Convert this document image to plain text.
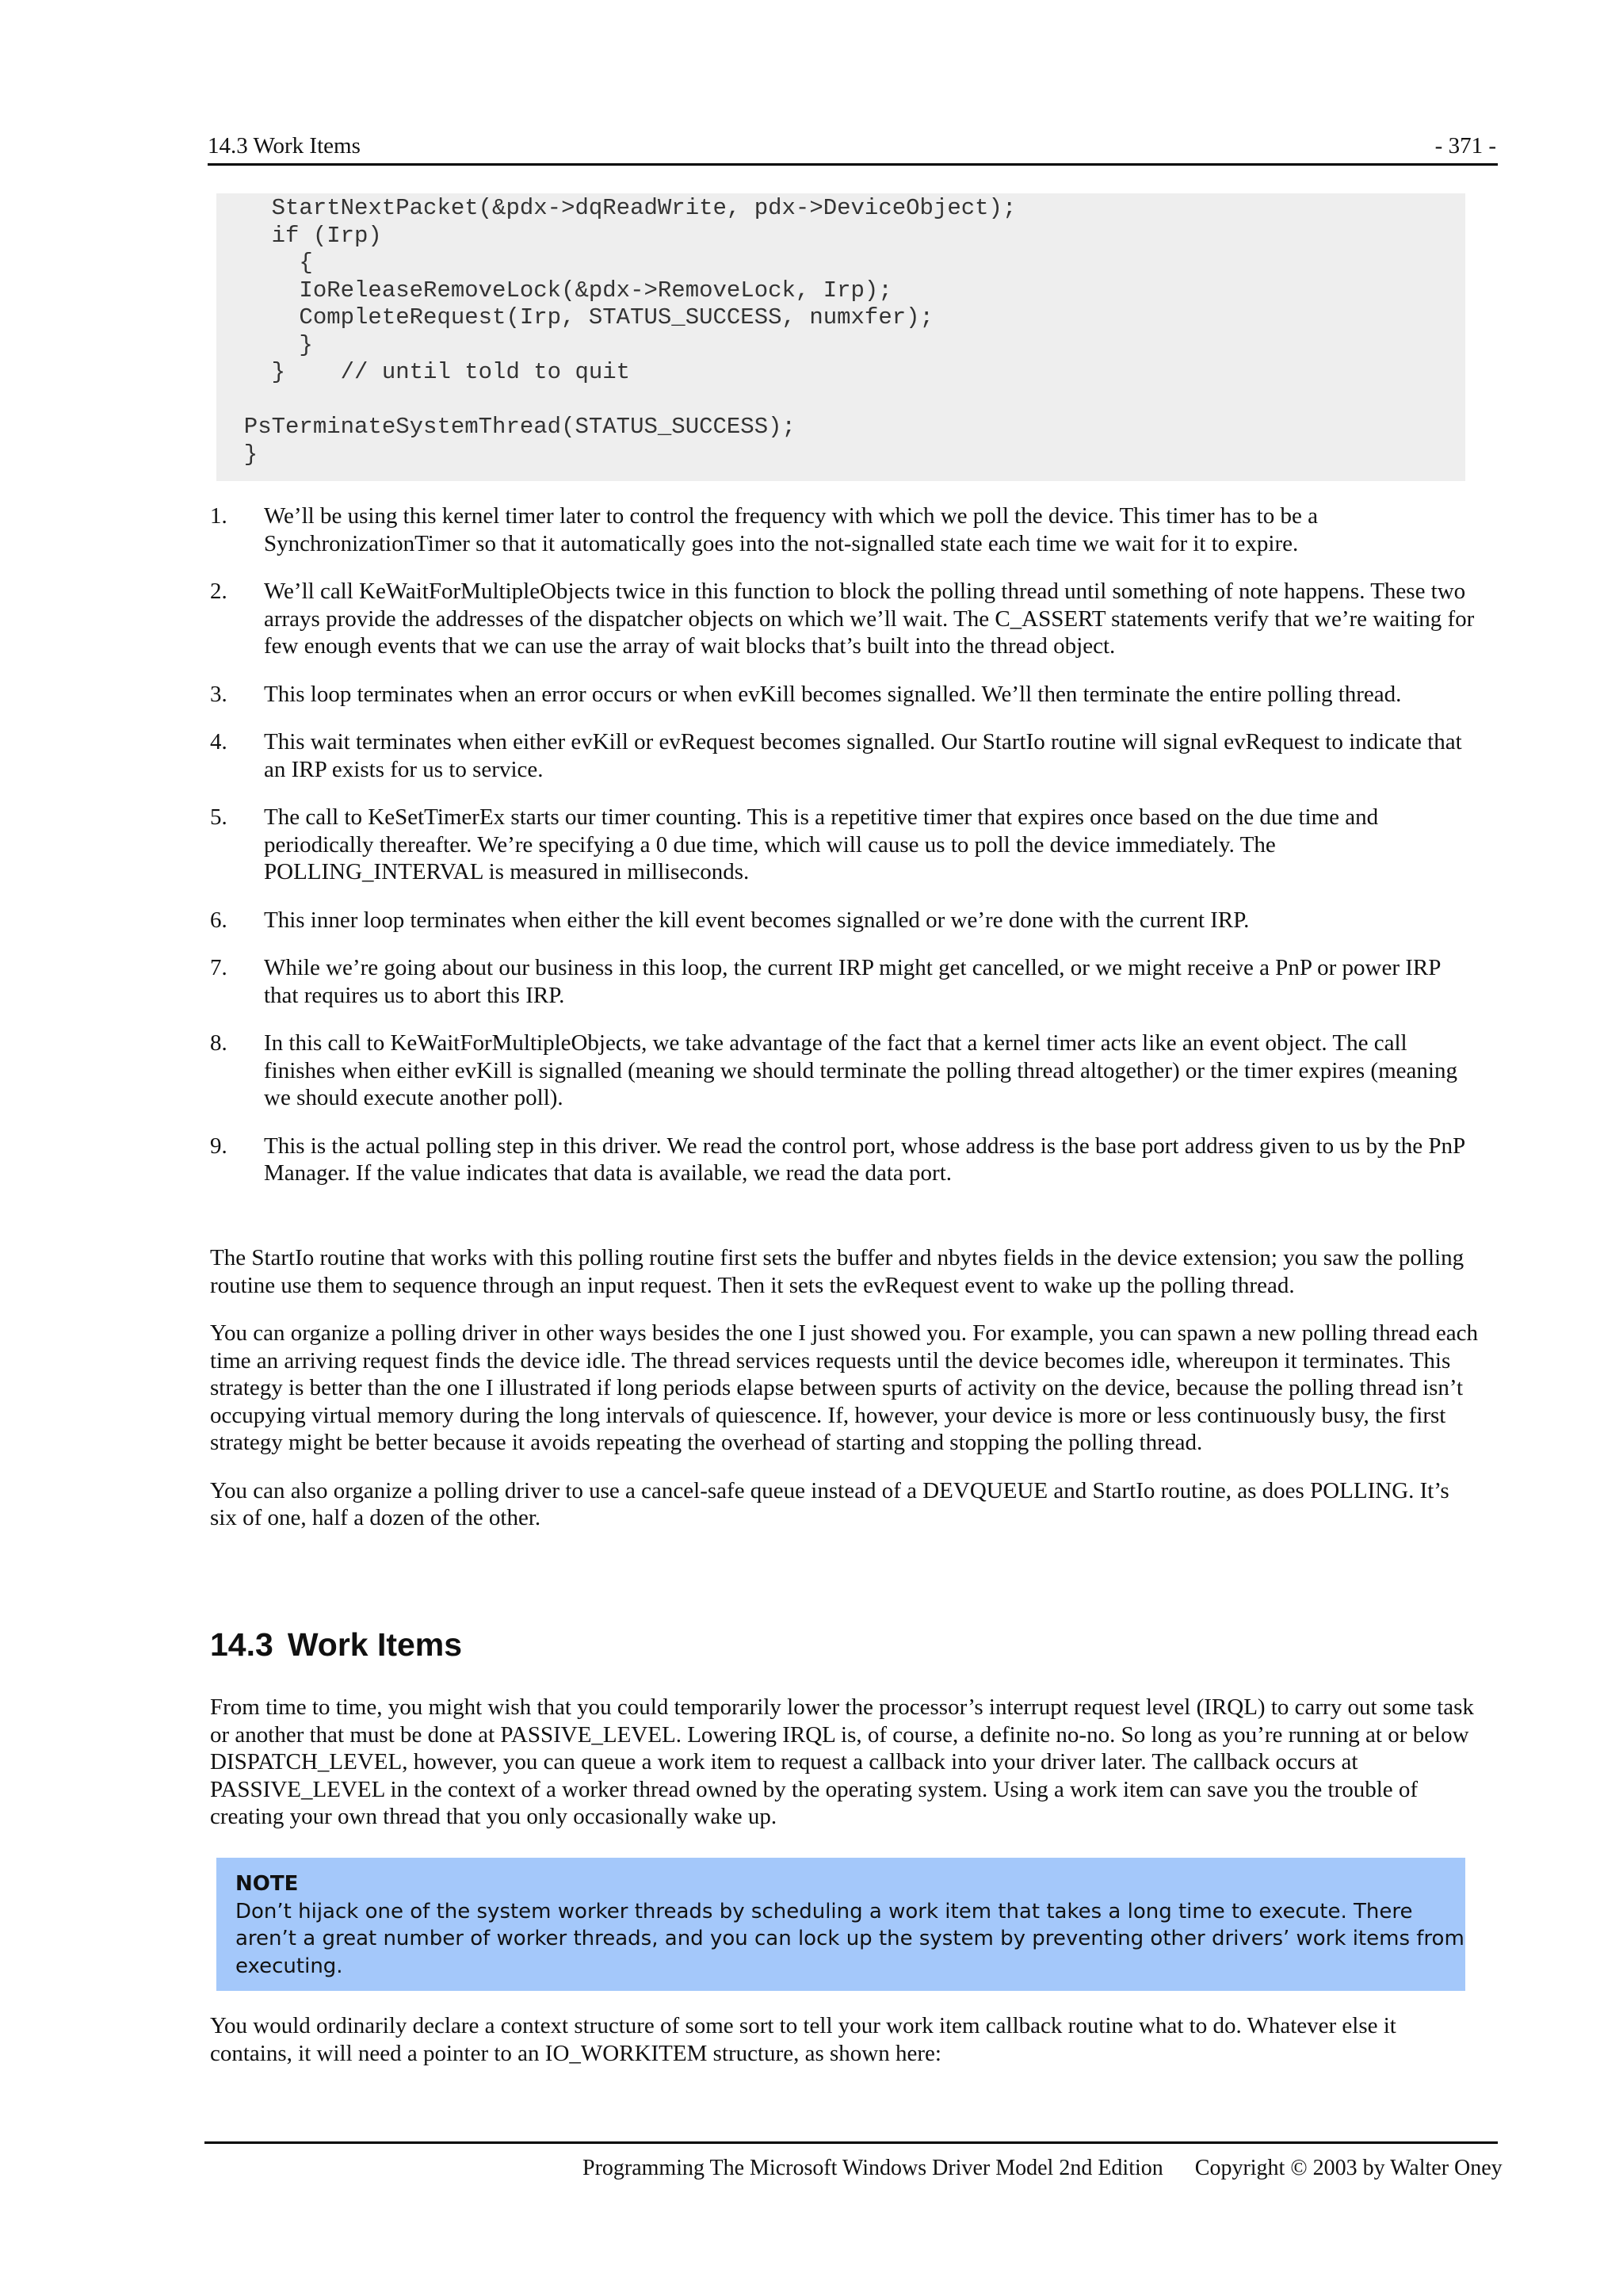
14.3 Work Items	- 371 -
StartNextPacket(&pdx->dqReadWrite, pdx->DeviceObject);
if (Irp)
{
IoReleaseRemoveLock(&pdx->RemoveLock, Irp);
CompleteRequest(Irp, STATUS_SUCCESS, numxfer);
}
}    // until told to quit
PsTerminateSystemThread(STATUS_SUCCESS);
}
1. We’ll be using this kernel timer later to control the frequency with which we poll the device. This timer has to be a SynchronizationTimer so that it automatically goes into the not-signalled state each time we wait for it to expire.
2. We’ll call KeWaitForMultipleObjects twice in this function to block the polling thread until something of note happens. These two arrays provide the addresses of the dispatcher objects on which we’ll wait. The C_ASSERT statements verify that we’re waiting for few enough events that we can use the array of wait blocks that’s built into the thread object.
3. This loop terminates when an error occurs or when evKill becomes signalled. We’ll then terminate the entire polling thread.
4. This wait terminates when either evKill or evRequest becomes signalled. Our StartIo routine will signal evRequest to indicate that an IRP exists for us to service.
5. The call to KeSetTimerEx starts our timer counting. This is a repetitive timer that expires once based on the due time and periodically thereafter. We’re specifying a 0 due time, which will cause us to poll the device immediately. The POLLING_INTERVAL is measured in milliseconds.
6. This inner loop terminates when either the kill event becomes signalled or we’re done with the current IRP.
7. While we’re going about our business in this loop, the current IRP might get cancelled, or we might receive a PnP or power IRP that requires us to abort this IRP.
8. In this call to KeWaitForMultipleObjects, we take advantage of the fact that a kernel timer acts like an event object. The call finishes when either evKill is signalled (meaning we should terminate the polling thread altogether) or the timer expires (meaning we should execute another poll).
9. This is the actual polling step in this driver. We read the control port, whose address is the base port address given to us by the PnP Manager. If the value indicates that data is available, we read the data port.

The StartIo routine that works with this polling routine first sets the buffer and nbytes fields in the device extension; you saw the polling routine use them to sequence through an input request. Then it sets the evRequest event to wake up the polling thread.

You can organize a polling driver in other ways besides the one I just showed you. For example, you can spawn a new polling thread each time an arriving request finds the device idle. The thread services requests until the device becomes idle, whereupon it terminates. This strategy is better than the one I illustrated if long periods elapse between spurts of activity on the device, because the polling thread isn’t occupying virtual memory during the long intervals of quiescence. If, however, your device is more or less continuously busy, the first strategy might be better because it avoids repeating the overhead of starting and stopping the polling thread.

You can also organize a polling driver to use a cancel-safe queue instead of a DEVQUEUE and StartIo routine, as does POLLING. It’s six of one, half a dozen of the other.

14.3 Work Items

From time to time, you might wish that you could temporarily lower the processor’s interrupt request level (IRQL) to carry out some task or another that must be done at PASSIVE_LEVEL. Lowering IRQL is, of course, a definite no-no. So long as you’re running at or below DISPATCH_LEVEL, however, you can queue a work item to request a callback into your driver later. The callback occurs at PASSIVE_LEVEL in the context of a worker thread owned by the operating system. Using a work item can save you the trouble of creating your own thread that you only occasionally wake up.

NOTE
Don’t hijack one of the system worker threads by scheduling a work item that takes a long time to execute. There aren’t a great number of worker threads, and you can lock up the system by preventing other drivers’ work items from executing.

You would ordinarily declare a context structure of some sort to tell your work item callback routine what to do. Whatever else it contains, it will need a pointer to an IO_WORKITEM structure, as shown here:

Programming The Microsoft Windows Driver Model 2nd Edition Copyright © 2003 by Walter Oney
